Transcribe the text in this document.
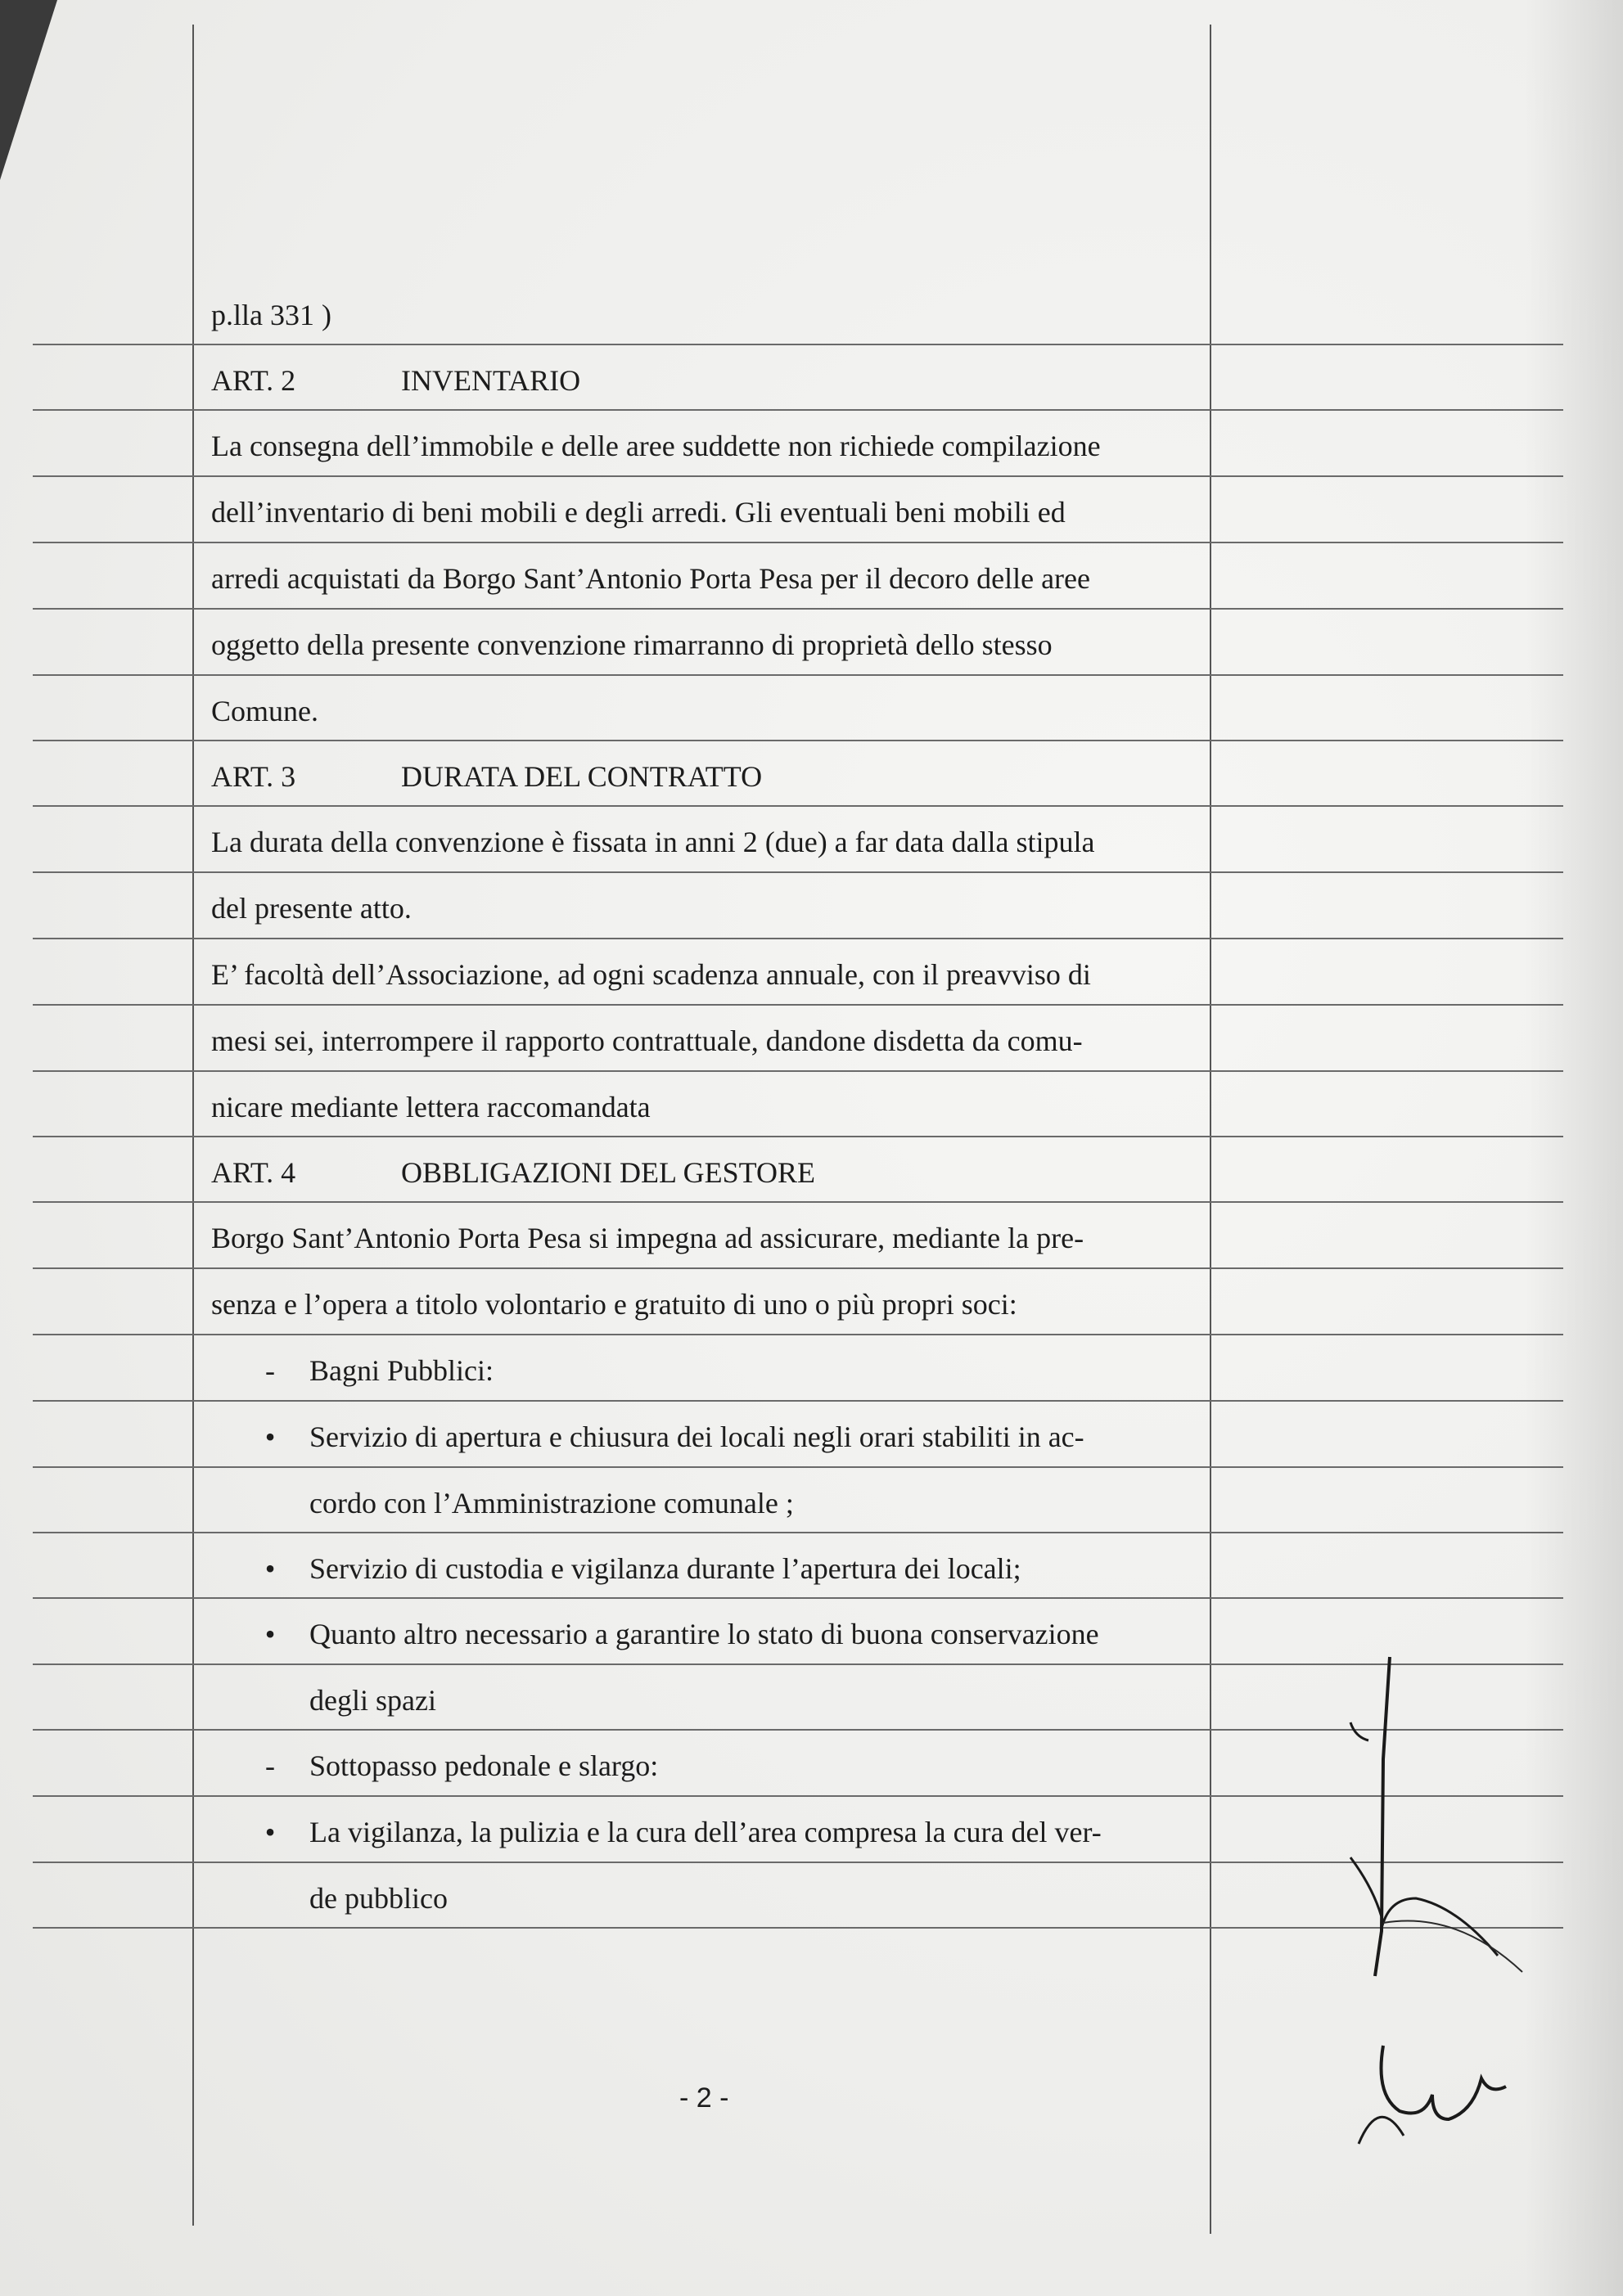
p.lla 331 )
ART. 2	INVENTARIO
La consegna dell’immobile e delle aree suddette non richiede compilazione
dell’inventario di beni mobili e degli arredi. Gli eventuali beni mobili ed
arredi acquistati da Borgo Sant’Antonio Porta Pesa per il decoro delle aree
oggetto della presente convenzione rimarranno di proprietà dello stesso
Comune.
ART. 3	DURATA DEL CONTRATTO
La durata della convenzione è fissata in anni 2 (due) a far data dalla stipula
del presente atto.
E’ facoltà dell’Associazione, ad ogni scadenza annuale, con il preavviso di
mesi sei, interrompere il rapporto contrattuale, dandone disdetta da comu-
nicare mediante lettera raccomandata
ART. 4	OBBLIGAZIONI DEL GESTORE
Borgo Sant’Antonio Porta Pesa si impegna ad assicurare, mediante la pre-
senza e l’opera a titolo volontario e gratuito di uno o più propri soci:
-	Bagni Pubblici:
•	Servizio di apertura e chiusura dei locali negli orari stabiliti in ac-
cordo con l’Amministrazione comunale ;
•	Servizio di custodia e vigilanza durante l’apertura dei locali;
•	Quanto altro necessario a garantire lo stato di buona conservazione
degli spazi
-	Sottopasso pedonale e slargo:
•	La vigilanza, la pulizia e la cura dell’area compresa la cura del ver-
de pubblico
- 2 -
